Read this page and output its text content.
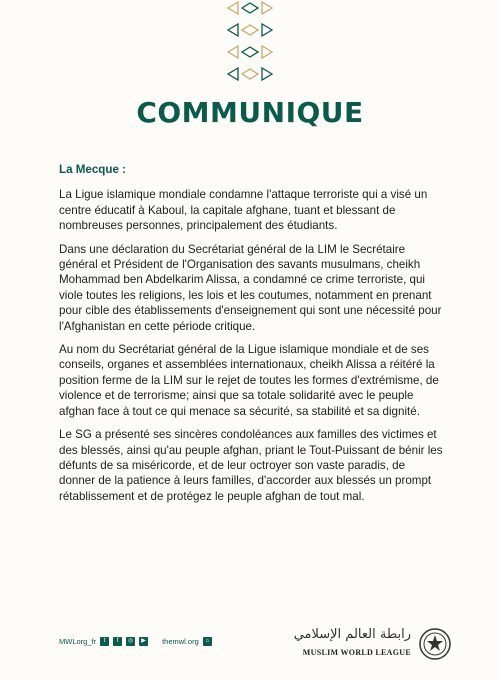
COMMUNIQUE

La Mecque :

La Ligue islamique mondiale condamne l'attaque terroriste qui a visé un centre éducatif à Kaboul, la capitale afghane, tuant et blessant de nombreuses personnes, principalement des étudiants.

Dans une déclaration du Secrétariat général de la LIM le Secrétaire général et Président de l'Organisation des savants musulmans, cheikh Mohammad ben Abdelkarim Alissa, a condamné ce crime terroriste, qui viole toutes les religions, les lois et les coutumes, notamment en prenant pour cible des établissements d'enseignement qui sont une nécessité pour l'Afghanistan en cette période critique.

Au nom du Secrétariat général de la Ligue islamique mondiale et de ses conseils, organes et assemblées internationaux, cheikh Alissa a réitéré la position ferme de la LIM sur le rejet de toutes les formes d'extrémisme, de violence et de terrorisme; ainsi que sa totale solidarité avec le peuple afghan face à tout ce qui menace sa sécurité, sa stabilité et sa dignité.

Le SG a présenté ses sincères condoléances aux familles des victimes et des blessés, ainsi qu'au peuple afghan, priant le Tout-Puissant de bénir les défunts de sa miséricorde, et de leur octroyer son vaste paradis, de donner de la patience à leurs familles, d'accorder aux blessés un prompt rétablissement et de protégez le peuple afghan de tout mal.

MWLorg_fr	t	f	◎	▶ themwl.org	⌂	رابطة العالم الإسلامي
MUSLIM WORLD LEAGUE
